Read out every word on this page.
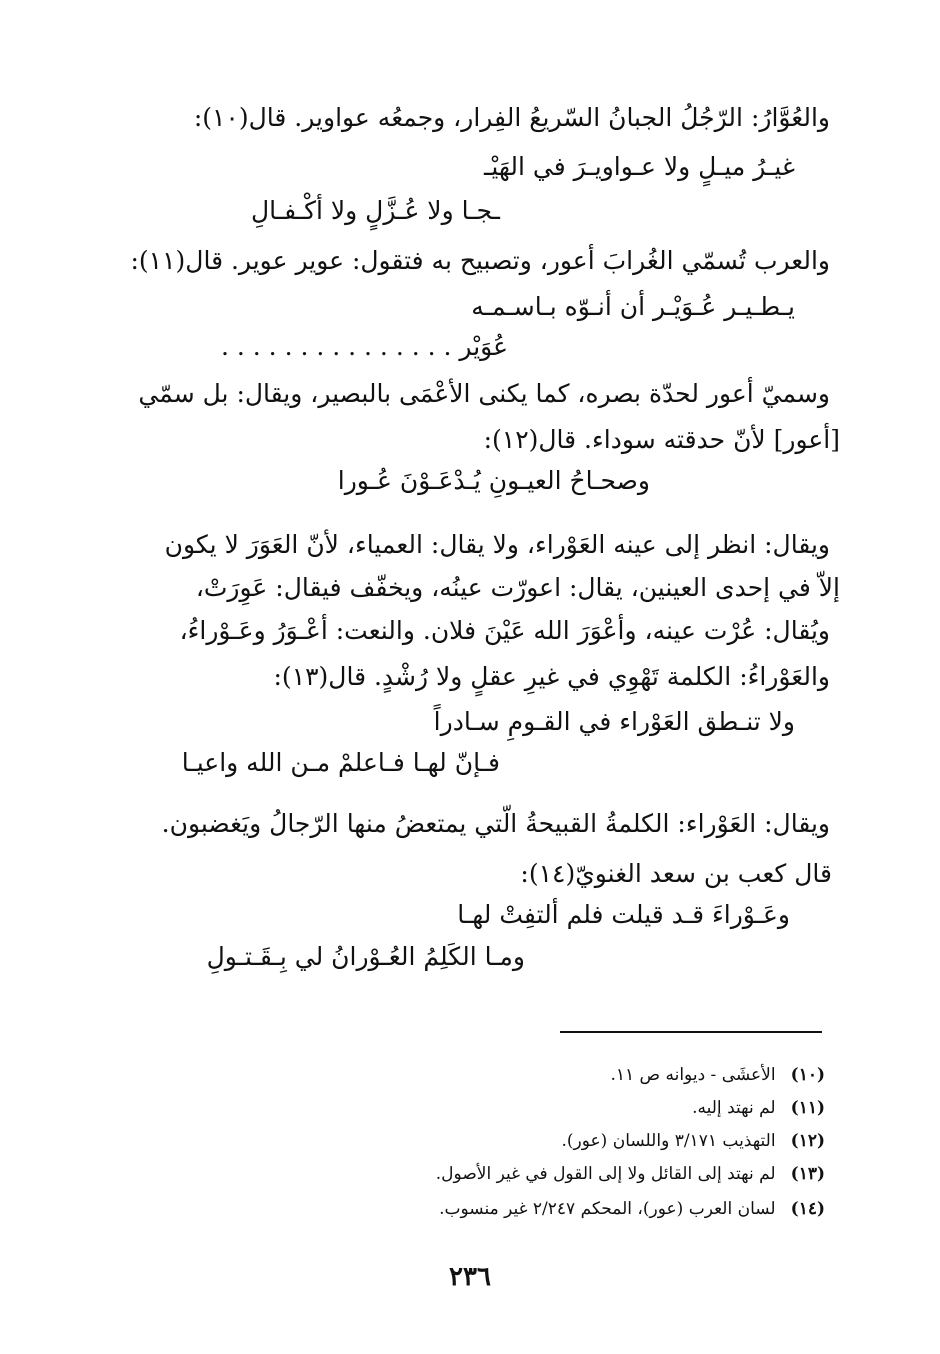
والعُوَّارُ: الرّجُلُ الجبانُ السّريعُ الفِرار، وجمعُه عواوير. قال(١٠):
غيـرُ ميـلٍ ولا عـواويـرَ في الهَيْـ
ـجـا ولا عُـزَّلٍ ولا أكْـفـالِ
والعرب تُسمّي الغُرابَ أعور، وتصبيح به فتقول: عوير عوير. قال(١١):
يـطـيـر عُـوَيْـر أن أنـوّه بـاسـمـه
عُوَيْر . . . . . . . . . . . . . . .
وسميّ أعور لحدّة بصره، كما يكنى الأعْمَى بالبصير، ويقال: بل سمّي
[أعور] لأنّ حدقته سوداء. قال(١٢):
وصحـاحُ العيـونِ يُـدْعَـوْنَ عُـورا
ويقال: انظر إلى عينه العَوْراء، ولا يقال: العمياء، لأنّ العَوَرَ لا يكون
إلاّ في إحدى العينين، يقال: اعورّت عينُه، ويخفّف فيقال: عَوِرَتْ،
ويُقال: عُرْت عينه، وأعْوَرَ الله عَيْنَ فلان. والنعت: أعْـوَرُ وعَـوْراءُ،
والعَوْراءُ: الكلمة تَهْوِي في غيرِ عقلٍ ولا رُشْدٍ. قال(١٣):
ولا تنـطق العَوْراء في القـومِ سـادراً
فـإنّ لهـا فـاعلمْ مـن الله واعيـا
ويقال: العَوْراء: الكلمةُ القبيحةُ الّتي يمتعضُ منها الرّجالُ ويَغضبون.
قال كعب بن سعد الغنويّ(١٤):
وعَـوْراءَ قـد قيلت فلم ألتفِتْ لهـا
ومـا الكَلِمُ العُـوْرانُ لي بِـقَـتـولِ
(١٠) الأعشَى - ديوانه ص ١١.
(١١) لم نهتد إليه.
(١٢) التهذيب ٣/١٧١ واللسان (عور).
(١٣) لم نهتد إلى القائل ولا إلى القول في غير الأصول.
(١٤) لسان العرب (عور)، المحكم ٢/٢٤٧ غير منسوب.
٢٣٦
